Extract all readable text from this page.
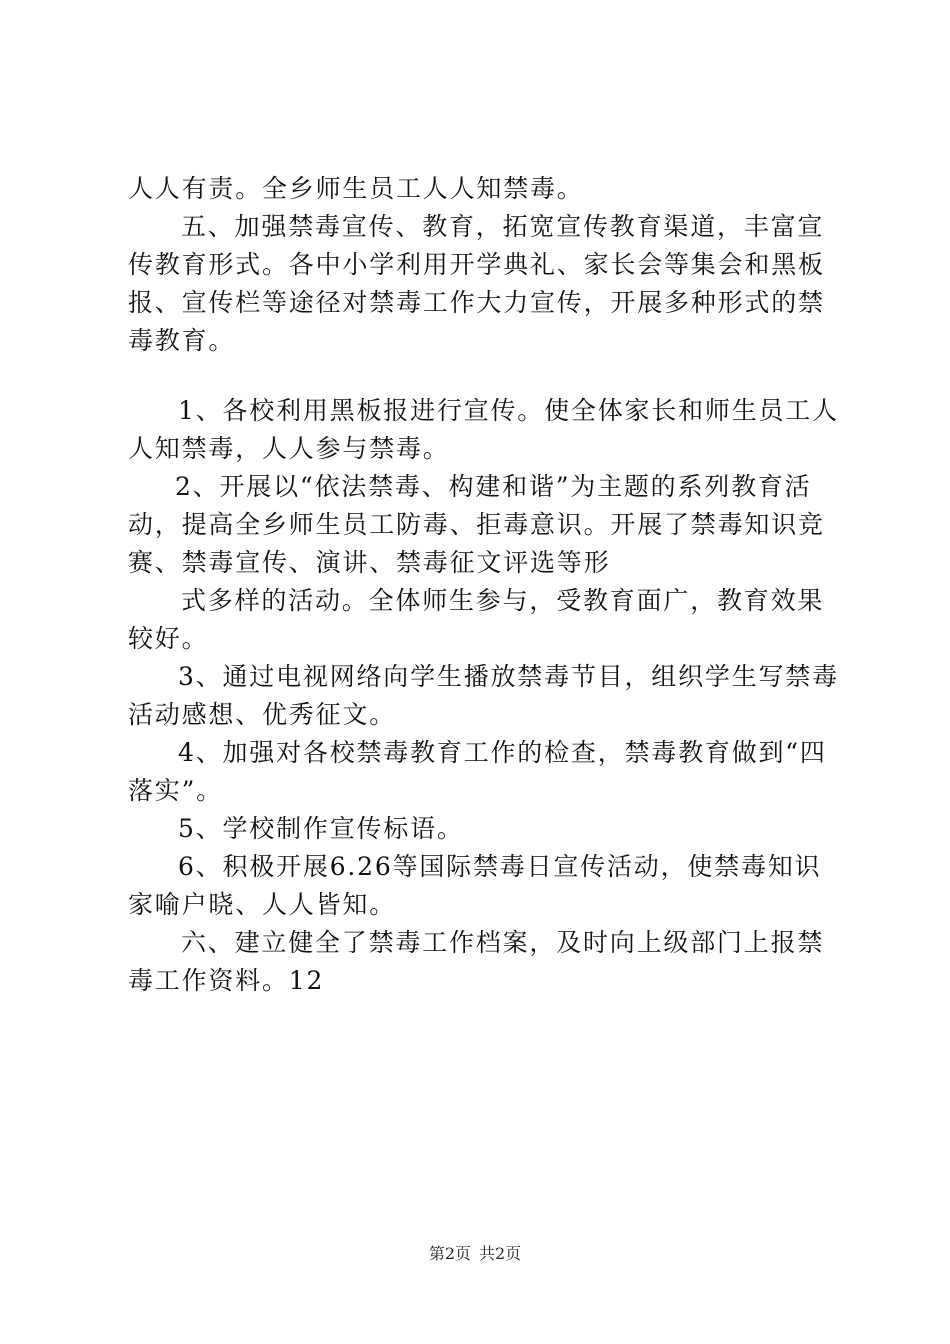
人人有责。全乡师生员工人人知禁毒。

五、加强禁毒宣传、教育，拓宽宣传教育渠道，丰富宣传教育形式。各中小学利用开学典礼、家长会等集会和黑板报、宣传栏等途径对禁毒工作大力宣传，开展多种形式的禁毒教育。

1、各校利用黑板报进行宣传。使全体家长和师生员工人人知禁毒，人人参与禁毒。

2、开展以“依法禁毒、构建和谐”为主题的系列教育活动，提高全乡师生员工防毒、拒毒意识。开展了禁毒知识竞赛、禁毒宣传、演讲、禁毒征文评选等形

式多样的活动。全体师生参与，受教育面广，教育效果较好。

3、通过电视网络向学生播放禁毒节目，组织学生写禁毒活动感想、优秀征文。

4、加强对各校禁毒教育工作的检查，禁毒教育做到“四落实”。

5、学校制作宣传标语。

6、积极开展6.26等国际禁毒日宣传活动，使禁毒知识家喻户晓、人人皆知。

六、建立健全了禁毒工作档案，及时向上级部门上报禁毒工作资料。12

第2页 共2页
